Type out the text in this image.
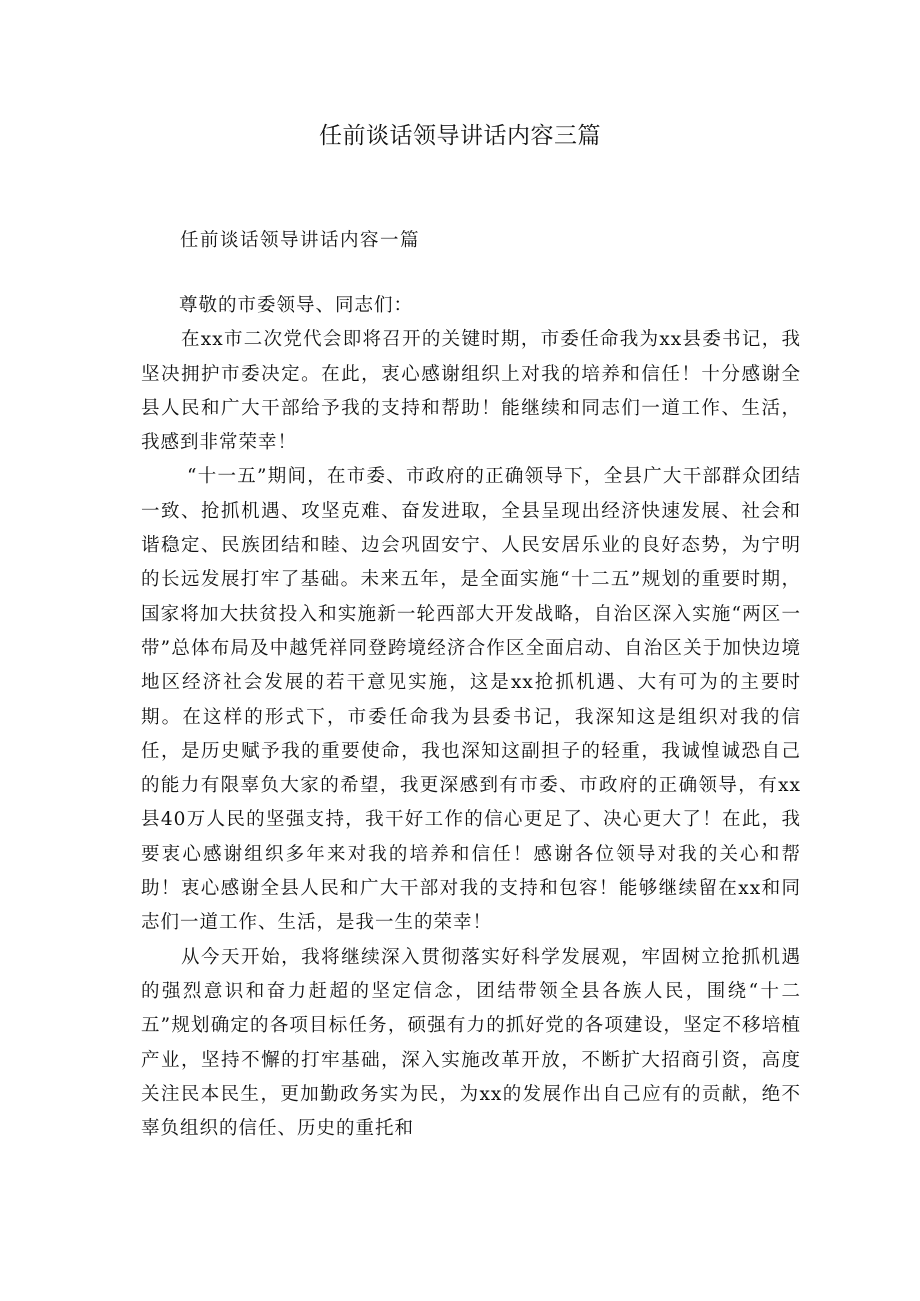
任前谈话领导讲话内容三篇

任前谈话领导讲话内容一篇

尊敬的市委领导、同志们：

在xx市二次党代会即将召开的关键时期，市委任命我为xx县委书记，我坚决拥护市委决定。在此，衷心感谢组织上对我的培养和信任！十分感谢全县人民和广大干部给予我的支持和帮助！能继续和同志们一道工作、生活，我感到非常荣幸！

“十一五”期间，在市委、市政府的正确领导下，全县广大干部群众团结一致、抢抓机遇、攻坚克难、奋发进取，全县呈现出经济快速发展、社会和谐稳定、民族团结和睦、边会巩固安宁、人民安居乐业的良好态势，为宁明的长远发展打牢了基础。未来五年，是全面实施“十二五”规划的重要时期，国家将加大扶贫投入和实施新一轮西部大开发战略，自治区深入实施“两区一带”总体布局及中越凭祥同登跨境经济合作区全面启动、自治区关于加快边境地区经济社会发展的若干意见实施，这是xx抢抓机遇、大有可为的主要时期。在这样的形式下，市委任命我为县委书记，我深知这是组织对我的信任，是历史赋予我的重要使命，我也深知这副担子的轻重，我诚惶诚恐自己的能力有限辜负大家的希望，我更深感到有市委、市政府的正确领导，有xx县40万人民的坚强支持，我干好工作的信心更足了、决心更大了！在此，我要衷心感谢组织多年来对我的培养和信任！感谢各位领导对我的关心和帮助！衷心感谢全县人民和广大干部对我的支持和包容！能够继续留在xx和同志们一道工作、生活，是我一生的荣幸！

从今天开始，我将继续深入贯彻落实好科学发展观，牢固树立抢抓机遇的强烈意识和奋力赶超的坚定信念，团结带领全县各族人民，围绕“十二五”规划确定的各项目标任务，硕强有力的抓好党的各项建设，坚定不移培植产业，坚持不懈的打牢基础，深入实施改革开放，不断扩大招商引资，高度关注民本民生，更加勤政务实为民，为xx的发展作出自己应有的贡献，绝不辜负组织的信任、历史的重托和
